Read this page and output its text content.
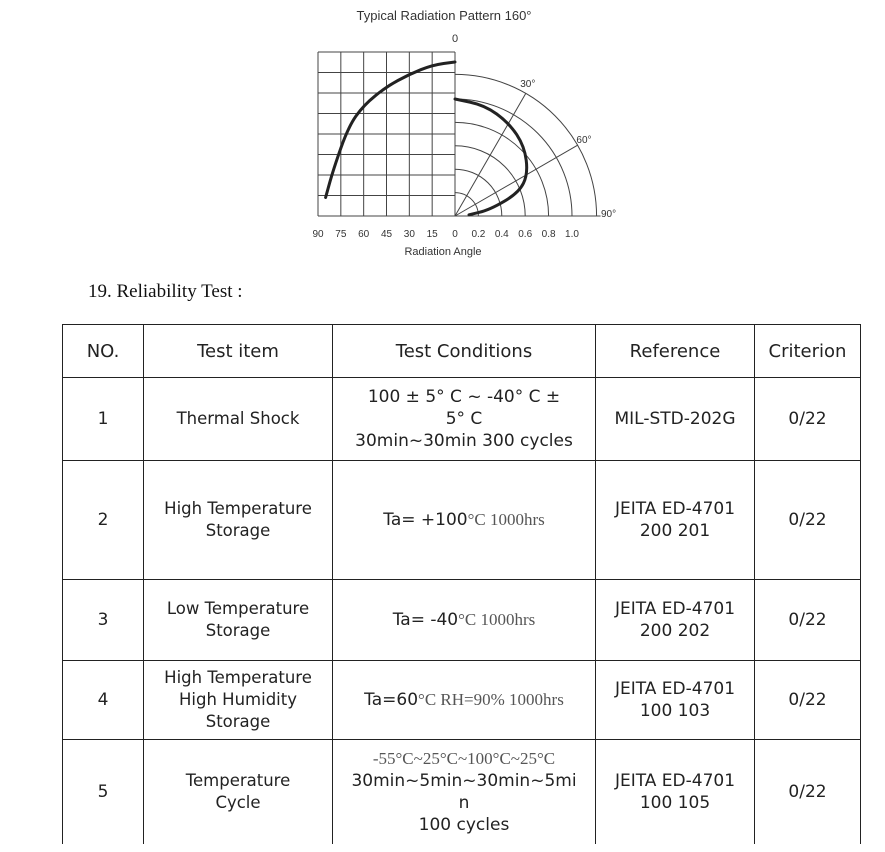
Typical Radiation Pattern 160°
0
30°
60°
90°
90 75 60 45 30 15 0 0.2 0.4 0.6 0.8 1.0
Radiation Angle
19. Reliability Test :
NO.	Test item	Test Conditions	Reference	Criterion
1	Thermal Shock	100 ± 5° C ~ -40° C ±
5° C
30min~30min 300 cycles	MIL-STD-202G	0/22
2	High Temperature
Storage	Ta= +100°C 1000hrs	JEITA ED-4701
200 201	0/22
3	Low Temperature
Storage	Ta= -40°C 1000hrs	JEITA ED-4701
200 202	0/22
4	High Temperature
High Humidity
Storage	Ta=60°C RH=90% 1000hrs	JEITA ED-4701
100 103	0/22
5	Temperature
Cycle	-55°C~25°C~100°C~25°C
30min~5min~30min~5mi
n
100 cycles	JEITA ED-4701
100 105	0/22
